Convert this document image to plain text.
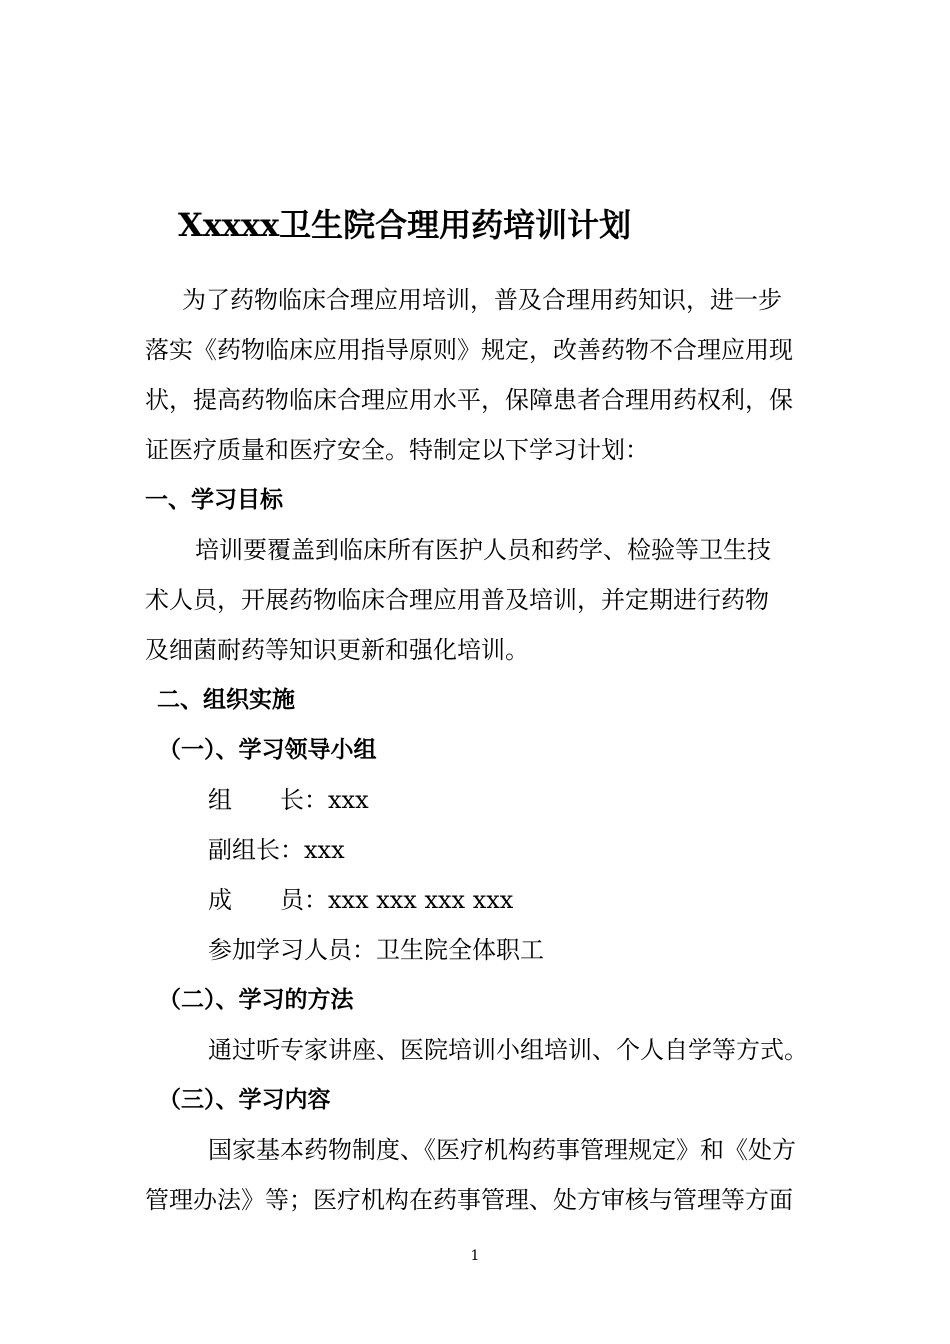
Xxxxx卫生院合理用药培训计划
为了药物临床合理应用培训，普及合理用药知识，进一步
落实《药物临床应用指导原则》规定，改善药物不合理应用现
状，提高药物临床合理应用水平，保障患者合理用药权利，保
证医疗质量和医疗安全。特制定以下学习计划：
一、学习目标
培训要覆盖到临床所有医护人员和药学、检验等卫生技
术人员，开展药物临床合理应用普及培训，并定期进行药物
及细菌耐药等知识更新和强化培训。
二、组织实施
（一）、学习领导小组
组　　长：xxx
副组长：xxx
成　　员：xxx xxx xxx xxx
参加学习人员：卫生院全体职工
（二）、学习的方法
通过听专家讲座、医院培训小组培训、个人自学等方式。
（三）、学习内容
国家基本药物制度、《医疗机构药事管理规定》和《处方
管理办法》等；医疗机构在药事管理、处方审核与管理等方面
1
